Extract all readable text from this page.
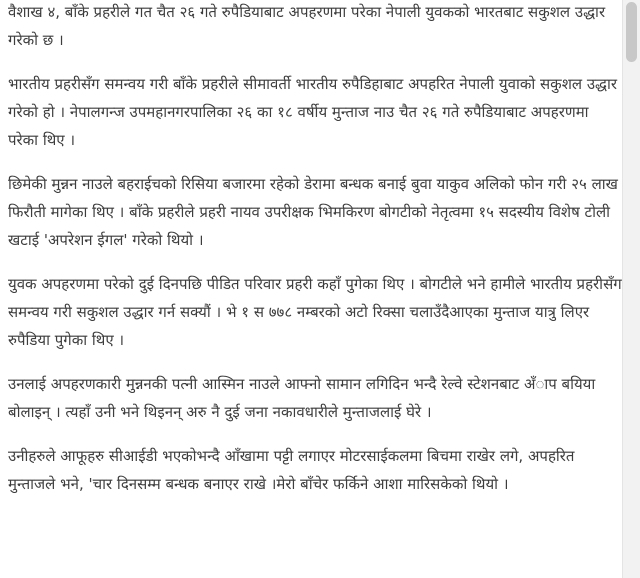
वैशाख ४, बाँके प्रहरीले गत चैत २६ गते रुपैडियाबाट अपहरणमा परेका नेपाली युवकको भारतबाट सकुशल उद्धार गरेको छ ।

भारतीय प्रहरीसँग समन्वय गरी बाँके प्रहरीले सीमावर्ती भारतीय रुपैडिहाबाट अपहरित नेपाली युवाको सकुशल उद्धार गरेको हो । नेपालगन्ज उपमहानगरपालिका २६ का १८ वर्षीय मुन्ताज नाउ चैत २६ गते रुपैडियाबाट अपहरणमा परेका थिए ।

छिमेकी मुन्नन नाउले बहराईचको रिसिया बजारमा रहेको डेरामा बन्धक बनाई बुवा याकुव अलिको फोन गरी २५ लाख फिरौती मागेका थिए । बाँके प्रहरीले प्रहरी नायव उपरीक्षक भिमकिरण बोगटीको नेतृत्वमा १५ सदस्यीय विशेष टोली खटाई 'अपरेशन ईगल' गरेको थियो ।

युवक अपहरणमा परेको दुई दिनपछि पीडित परिवार प्रहरी कहाँ पुगेका थिए । बोगटीले भने हामीले भारतीय प्रहरीसँग समन्वय गरी सकुशल उद्धार गर्न सक्यौं । भे १ स ७७८ नम्बरको अटो रिक्सा चलाउँदैआएका मुन्ताज यात्रु लिएर रुपैडिया पुगेका थिए ।

उनलाई अपहरणकारी मुन्ननकी पत्नी आस्मिन नाउले आफ्नो सामान लगिदिन भन्दै रेल्वे स्टेशनबाट अँाप बयिया बोलाइन् । त्यहाँ उनी भने थिइनन् अरु नै दुई जना नकावधारीले मुन्ताजलाई घेरे ।

उनीहरुले आफूहरु सीआईडी भएकोभन्दै आँखामा पट्टी लगाएर मोटरसाईकलमा बिचमा राखेर लगे, अपहरित मुन्ताजले भने, 'चार दिनसम्म बन्धक बनाएर राखे ।मेरो बाँचेर फर्किने आशा मारिसकेको थियो ।
